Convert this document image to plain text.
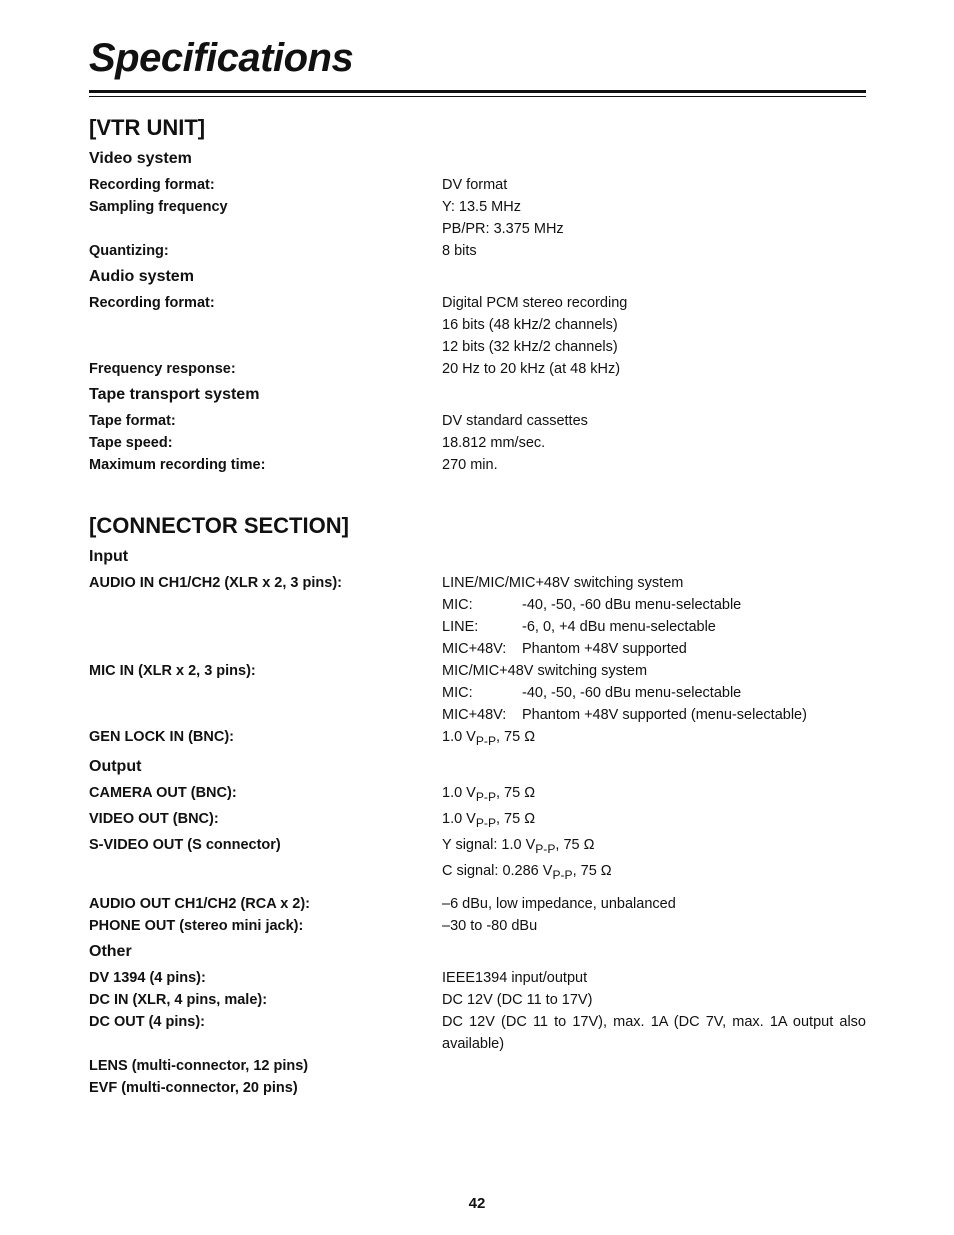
Specifications
[VTR UNIT]
Video system
Recording format:	DV format
Sampling frequency	Y: 13.5 MHz
PB/PR: 3.375 MHz
Quantizing:	8 bits
Audio system
Recording format:	Digital PCM stereo recording
16 bits (48 kHz/2 channels)
12 bits (32 kHz/2 channels)
Frequency response:	20 Hz to 20 kHz (at 48 kHz)
Tape transport system
Tape format:	DV standard cassettes
Tape speed:	18.812 mm/sec.
Maximum recording time:	270 min.
[CONNECTOR SECTION]
Input
AUDIO IN CH1/CH2 (XLR x 2, 3 pins):	LINE/MIC/MIC+48V switching system
MIC:	-40, -50, -60 dBu menu-selectable
LINE:	-6, 0, +4 dBu menu-selectable
MIC+48V:	Phantom +48V supported
MIC IN (XLR x 2, 3 pins):	MIC/MIC+48V switching system
MIC:	-40, -50, -60 dBu menu-selectable
MIC+48V:	Phantom +48V supported (menu-selectable)
GEN LOCK IN (BNC):	1.0 $V_{P-P}$, 75 Ω
Output
CAMERA OUT (BNC):	1.0 $V_{P-P}$, 75 Ω
VIDEO OUT (BNC):	1.0 $V_{P-P}$, 75 Ω
S-VIDEO OUT (S connector)	Y signal: 1.0 $V_{P-P}$, 75 Ω
C signal: 0.286 $V_{P-P}$, 75 Ω
AUDIO OUT CH1/CH2 (RCA x 2):	–6 dBu, low impedance, unbalanced
PHONE OUT (stereo mini jack):	–30 to -80 dBu
Other
DV 1394 (4 pins):	IEEE1394 input/output
DC IN (XLR, 4 pins, male):	DC 12V (DC 11 to 17V)
DC OUT (4 pins):	DC 12V (DC 11 to 17V), max. 1A (DC 7V, max. 1A output also available)
LENS (multi-connector, 12 pins)
EVF (multi-connector, 20 pins)
42
